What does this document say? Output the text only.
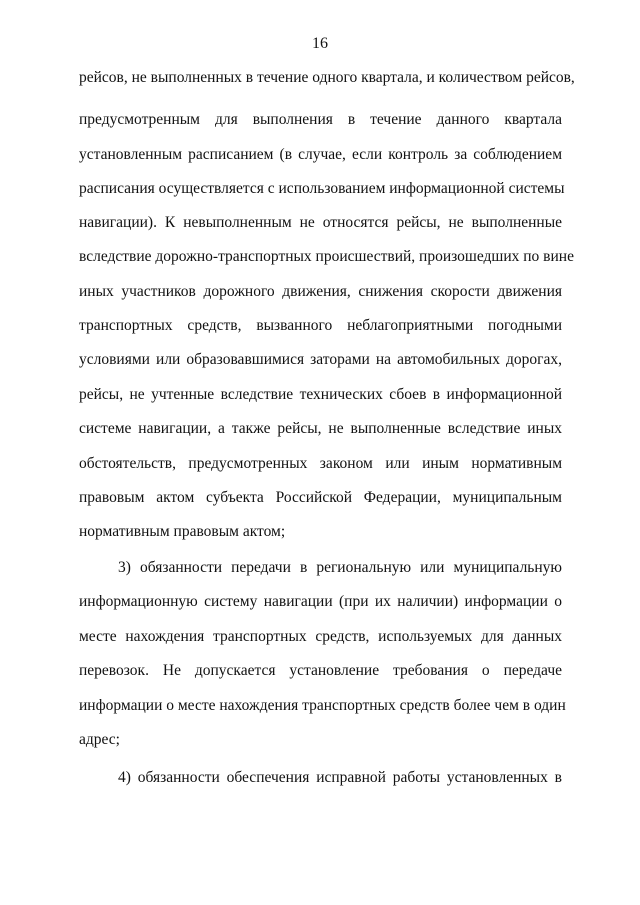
16
рейсов, не выполненных в течение одного квартала, и количеством рейсов,
предусмотренным для выполнения в течение данного квартала
установленным расписанием (в случае, если контроль за соблюдением
расписания осуществляется с использованием информационной системы
навигации). К невыполненным не относятся рейсы, не выполненные
вследствие дорожно-транспортных происшествий, произошедших по вине
иных участников дорожного движения, снижения скорости движения
транспортных средств, вызванного неблагоприятными погодными
условиями или образовавшимися заторами на автомобильных дорогах,
рейсы, не учтенные вследствие технических сбоев в информационной
системе навигации, а также рейсы, не выполненные вследствие иных
обстоятельств, предусмотренных законом или иным нормативным
правовым актом субъекта Российской Федерации, муниципальным
нормативным правовым актом;
3) обязанности передачи в региональную или муниципальную
информационную систему навигации (при их наличии) информации о
месте нахождения транспортных средств, используемых для данных
перевозок. Не допускается установление требования о передаче
информации о месте нахождения транспортных средств более чем в один
адрес;
4) обязанности обеспечения исправной работы установленных в
